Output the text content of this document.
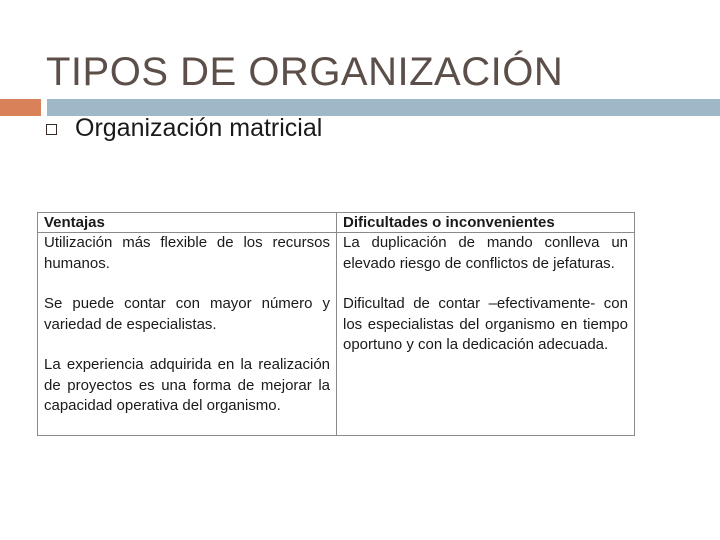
TIPOS DE ORGANIZACIÓN
Organización matricial
Ventajas	Dificultades o inconvenientes

Utilización más flexible de los recursos humanos.

Se puede contar con mayor número y variedad de especialistas.

La experiencia adquirida en la realización de proyectos es una forma de mejorar la capacidad operativa del organismo.

La duplicación de mando conlleva un elevado riesgo de conflictos de jefaturas.

Dificultad de contar –efectivamente- con los especialistas del organismo en tiempo oportuno y con la dedicación adecuada.
